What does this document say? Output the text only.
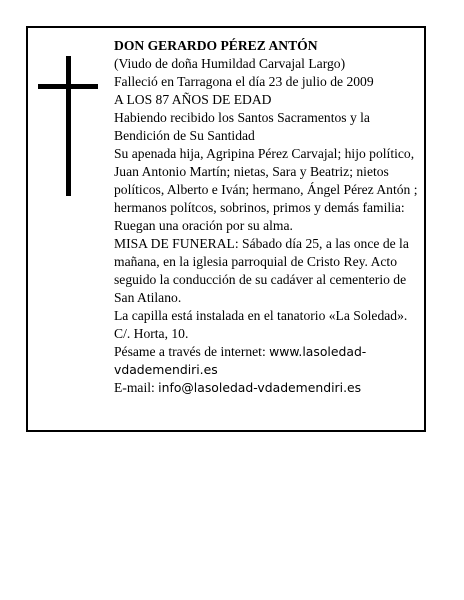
DON GERARDO PÉREZ ANTÓN

(Viudo de doña Humildad Carvajal Largo)

Falleció en Tarragona el día 23 de julio de 2009

A LOS 87 AÑOS DE EDAD

Habiendo recibido los Santos Sacramentos y la Bendición de Su Santidad

Su apenada hija, Agripina Pérez Carvajal; hijo político, Juan Antonio Martín; nietas, Sara y Beatriz; nietos políticos, Alberto e Iván; hermano, Ángel Pérez Antón ; hermanos polítcos, sobrinos, primos y demás familia:

Ruegan una oración por su alma.

MISA DE FUNERAL: Sábado día 25, a las once de la mañana, en la iglesia parroquial de Cristo Rey. Acto seguido la conducción de su cadáver al cementerio de San Atilano.

La capilla está instalada en el tanatorio «La Soledad». C/. Horta, 10.

Pésame a través de internet: www.lasoledad-vdademendiri.es

E-mail: info@lasoledad-vdademendiri.es
